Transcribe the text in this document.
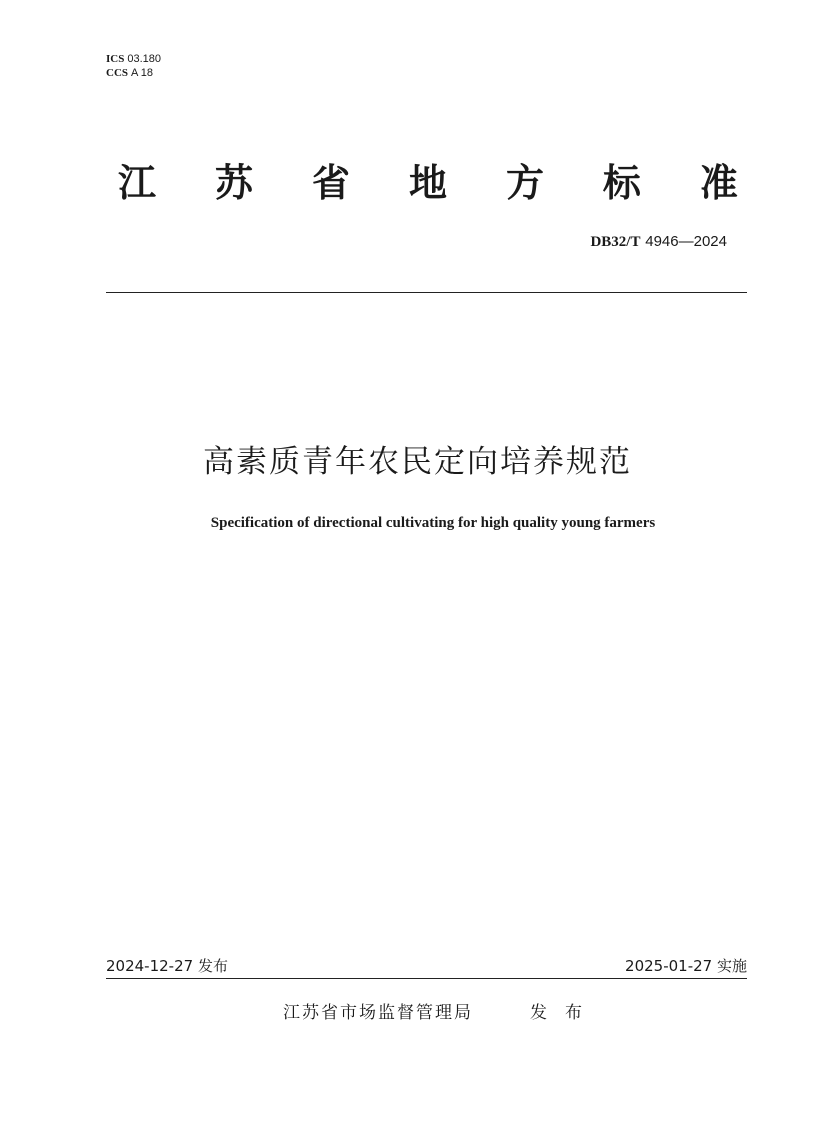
ICS 03.180
CCS A 18
江 苏 省 地 方 标 准
DB32/T 4946—2024
高素质青年农民定向培养规范
Specification of directional cultivating for high quality young farmers
2024-12-27 发布	2025-01-27 实施
江苏省市场监督管理局	发布
